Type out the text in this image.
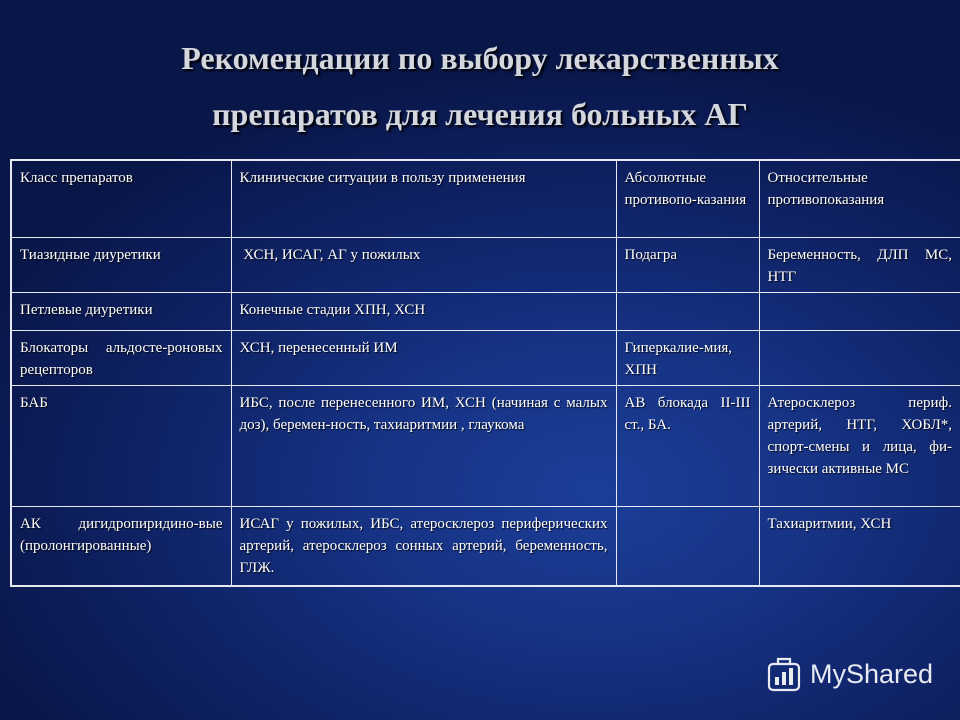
Рекомендации по выбору лекарственных
препаратов для лечения больных АГ
Класс препаратов	Клинические ситуации в пользу применения	Абсолютные противопо-казания	Относительные противопоказания
Тиазидные диуретики	ХСН, ИСАГ, АГ у пожилых	Подагра	Беременность, ДЛП МС, НТГ
Петлевые диуретики	Конечные стадии ХПН, ХСН		
Блокаторы альдосте-роновых рецепторов	ХСН, перенесенный ИМ	Гиперкалие-мия, ХПН	
БАБ	ИБС, после перенесенного ИМ, ХСН (начиная с малых доз), беремен-ность, тахиаритмии , глаукома	АВ блокада II-III ст., БА.	Атеросклероз периф. артерий, НТГ, ХОБЛ*, спорт-смены и лица, фи-зически активные МС
АК дигидропиридино-вые (пролонгированные)	ИСАГ у пожилых, ИБС, атеросклероз периферических артерий, атеросклероз сонных артерий, беременность, ГЛЖ.		Тахиаритмии, ХСН
MyShared
